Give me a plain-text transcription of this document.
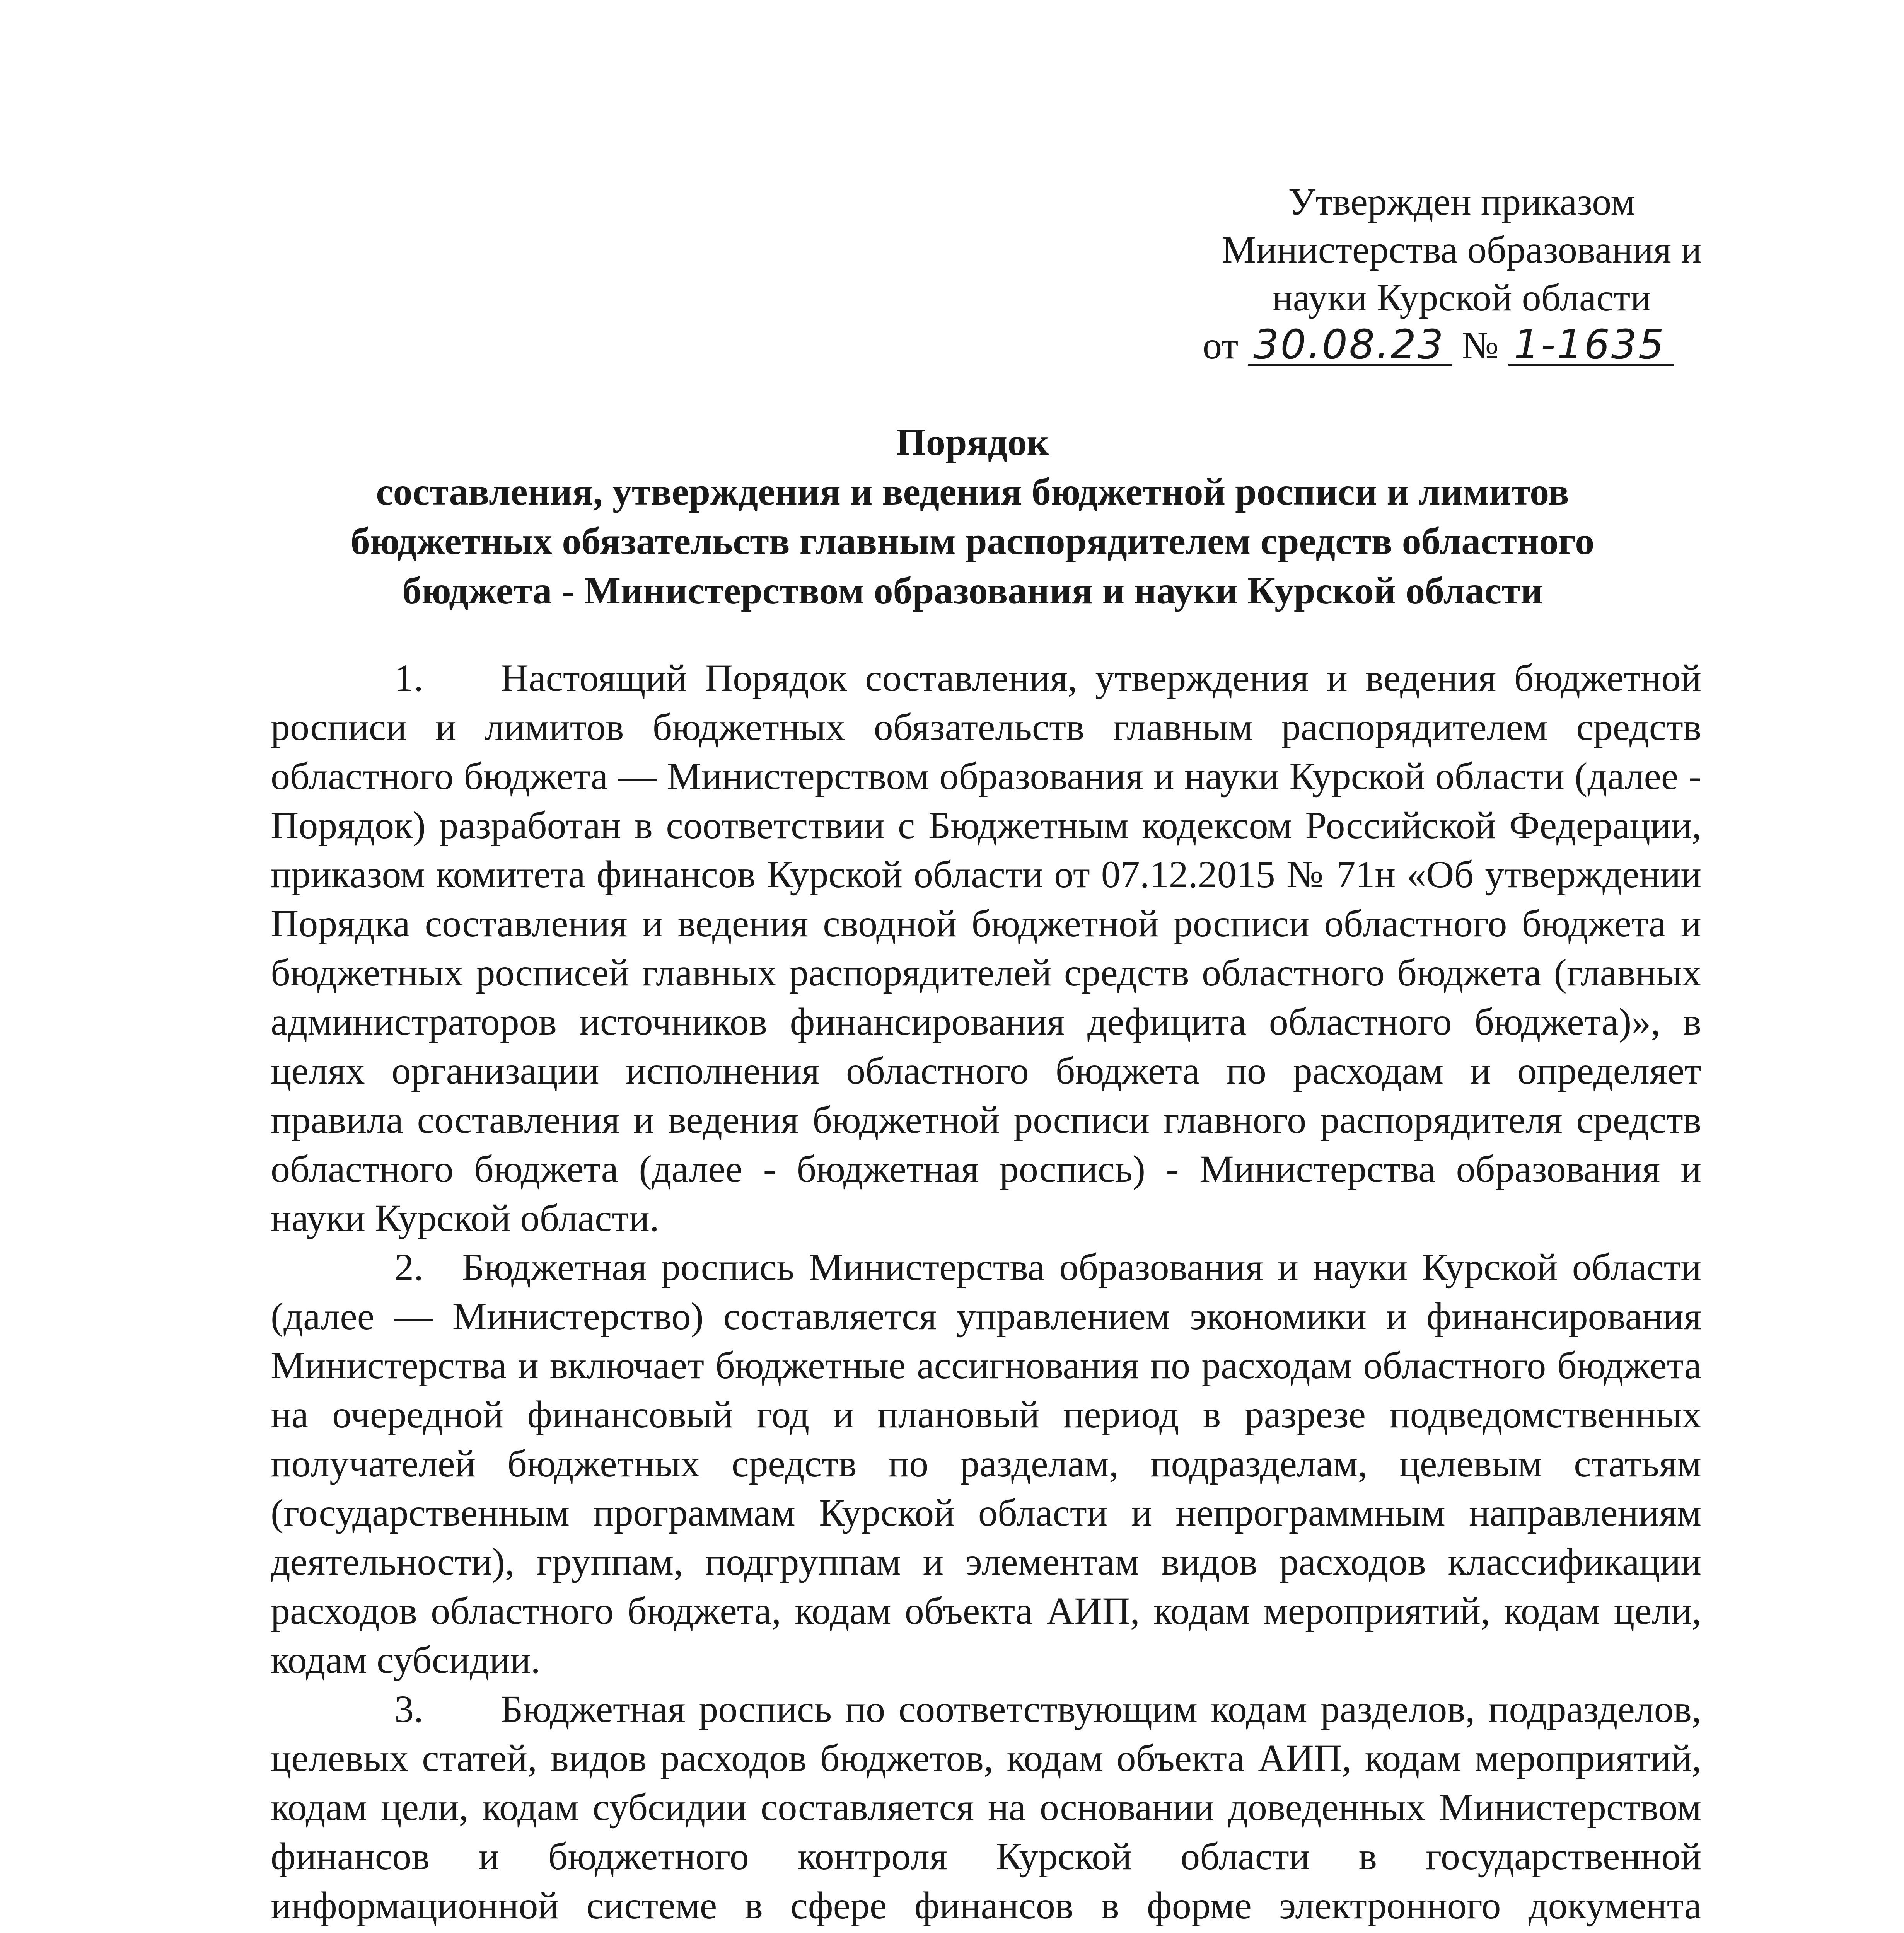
Утвержден приказом
Министерства образования и
науки Курской области
от 30.08.23 № 1-1635
Порядок
составления, утверждения и ведения бюджетной росписи и лимитов
бюджетных обязательств главным распорядителем средств областного
бюджета - Министерством образования и науки Курской области

1.  Настоящий Порядок составления, утверждения и ведения бюджетной росписи и лимитов бюджетных обязательств главным распорядителем средств областного бюджета — Министерством образования и науки Курской области (далее - Порядок) разработан в соответствии с Бюджетным кодексом Российской Федерации, приказом комитета финансов Курской области от 07.12.2015 № 71н «Об утверждении Порядка составления и ведения сводной бюджетной росписи областного бюджета и бюджетных росписей главных распорядителей средств областного бюджета (главных администраторов источников финансирования дефицита областного бюджета)», в целях организации исполнения областного бюджета по расходам и определяет правила составления и ведения бюджетной росписи главного распорядителя средств областного бюджета (далее - бюджетная роспись) - Министерства образования и науки Курской области.

2. Бюджетная роспись Министерства образования и науки Курской области (далее — Министерство) составляется управлением экономики и финансирования Министерства и включает бюджетные ассигнования по расходам областного бюджета на очередной финансовый год и плановый период в разрезе подведомственных получателей бюджетных средств по разделам, подразделам, целевым статьям (государственным программам Курской области и непрограммным направлениям деятельности), группам, подгруппам и элементам видов расходов классификации расходов областного бюджета, кодам объекта АИП, кодам мероприятий, кодам цели, кодам субсидии.

3.  Бюджетная роспись по соответствующим кодам разделов, подразделов, целевых статей, видов расходов бюджетов, кодам объекта АИП, кодам мероприятий, кодам цели, кодам субсидии составляется на основании доведенных Министерством финансов и бюджетного контроля Курской области в государственной информационной системе в сфере финансов в форме электронного документа
